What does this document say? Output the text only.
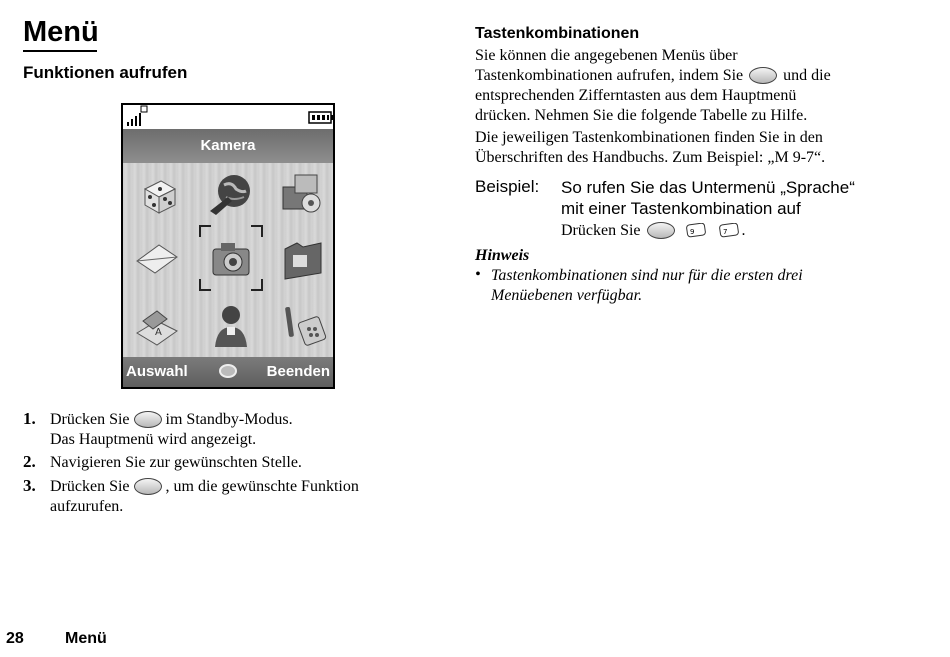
Menü
Funktionen aufrufen
Kamera
A
Auswahl	Beenden
1. Drücken Sie im Standby-Modus.
Das Hauptmenü wird angezeigt.
2. Navigieren Sie zur gewünschten Stelle.
3. Drücken Sie , um die gewünschte Funktion
aufzurufen.
Tastenkombinationen
Sie können die angegebenen Menüs über
Tastenkombinationen aufrufen, indem Sie	und die
entsprechenden Zifferntasten aus dem Hauptmenü
drücken. Nehmen Sie die folgende Tabelle zu Hilfe.
Die jeweiligen Tastenkombinationen finden Sie in den
Überschriften des Handbuchs. Zum Beispiel: „M 9-7“.
Beispiel: So rufen Sie das Untermenü „Sprache“
mit einer Tastenkombination auf
Drücken Sie	9	7 .
Hinweis
• Tastenkombinationen sind nur für die ersten drei
Menüebenen verfügbar.
28	Menü
